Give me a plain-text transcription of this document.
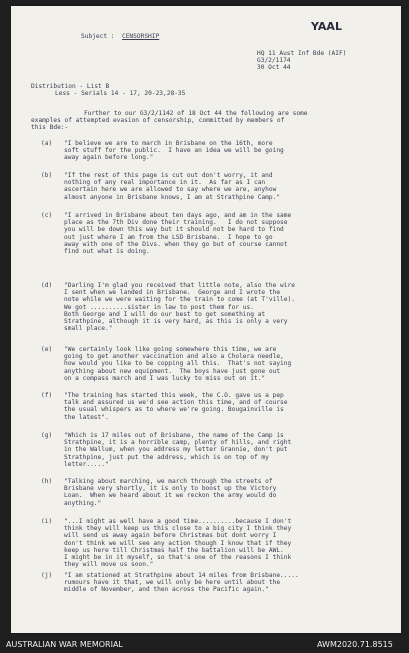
YAAL
Subject : CENSORSHIP
HQ 11 Aust Inf Bde (AIF)
G3/2/1174
30 Oct 44
Distribution - List B
Less - Serials 14 - 17, 20-23,28-35
Further to our G3/2/1142 of 18 Oct 44 the following are some
examples of attempted evasion of censorship, committed by members of
this Bde:-
(a) "I believe we are to march in Brisbane on the 16th, more
soft stuff for the public.  I have an idea we will be going
away again before long."
(b) "If the rest of this page is cut out don't worry, it and
nothing of any real importance in it.  As far as I can
ascertain here we are allowed to say where we are, anyhow
almost anyone in Brisbane knows, I am at Strathpine Camp."
(c) "I arrived in Brisbane about ten days ago, and am in the same
place as the 7th Div done their training.   I do not suppose
you will be down this way but it should not be hard to find
out just where I am from the LSD Brisbane.  I hope to go
away with one of the Divs. when they go but of course cannot
find out what is doing.
(d) "Darling I'm glad you received that little note, also the wire
I sent when we landed in Brisbane.  George and I wrote the
note while we were waiting for the train to come (at T'ville).
We got ..........sister in law to post them for us.
Both George and I will do our best to get something at
Strathpine, although it is very hard, as this is only a very
small place."
(e) "We certainly look like going somewhere this time, we are
going to get another vaccination and also a Cholera needle,
how would you like to be copping all this.  That's not saying
anything about new equipment.  The boys have just gone out
on a compass march and I was lucky to miss out on it."
(f) "The training has started this week, the C.O. gave us a pep
talk and assured us we'd see action this time, and of course
the usual whispers as to where we're going. Bougainville is
the latest".
(g) "Which is 17 miles out of Brisbane, the name of the Camp is
Strathpine, it is a horrible camp, plenty of hills, and right
in the Wallum, when you address my letter Grannie, don't put
Strathpine, just put the address, which is on top of my
letter....."
(h) "Talking about marching, we march through the streets of
Brisbane very shortly, it is only to boost up the Victory
Loan.  When we heard about it we reckon the army would do
anything."
(i) "...I might as well have a good time..........because I don't
think they will keep us this close to a big city I think they
will send us away again before Christmas but dont worry I
don't think we will see any action though I know that if they
keep us here till Christmas half the battalion will be AWL.
I might be in it myself, so that's one of the reasons I think
they will move us soon."
(j) "I am stationed at Strathpine about 14 miles from Brisbane.....
rumours have it that, we will only be here until about the
middle of November, and then across the Pacific again."
AUSTRALIAN WAR MEMORIAL	AWM2020.71.8515
